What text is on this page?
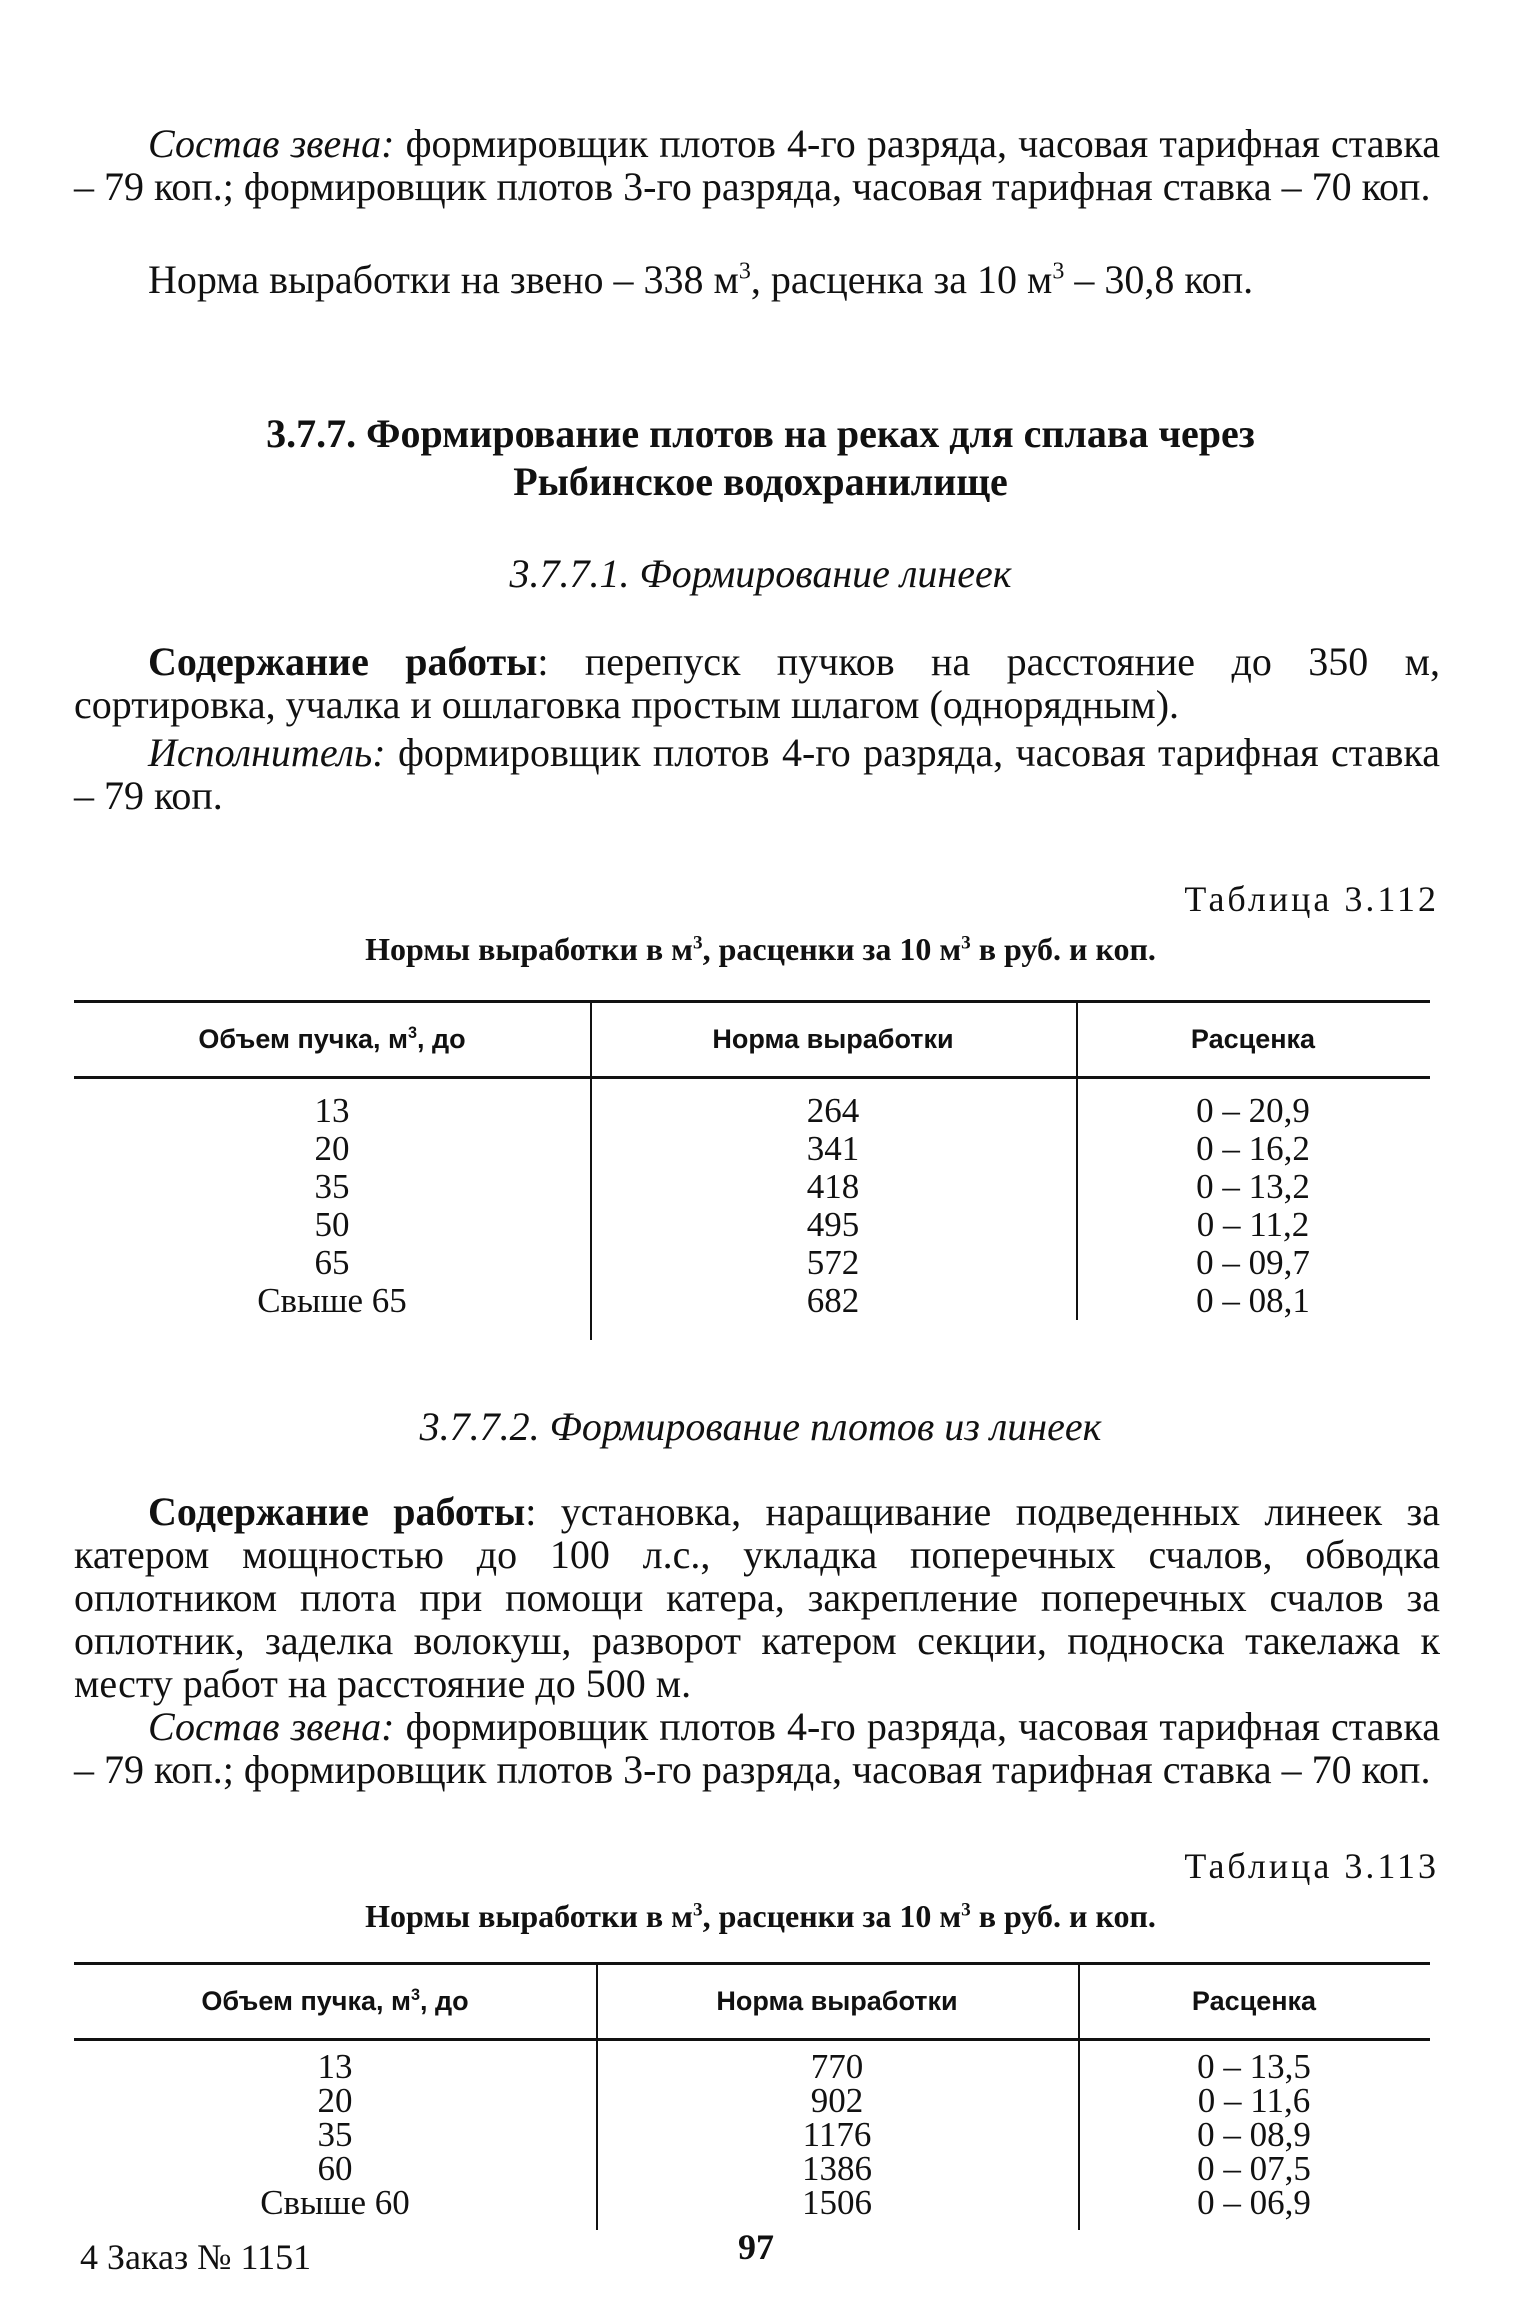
Состав звена: формировщик плотов 4-го разряда, часовая тарифная ставка – 79 коп.; формировщик плотов 3-го разряда, часовая тарифная ставка – 70 коп.

Норма выработки на звено – 338 $м^3$, расценка за 10 $м^3 - 30,8$ коп.

3.7.7. Формирование плотов на реках для сплава через

Рыбинское водохранилище

3.7.7.1. Формирование линеек

Содержание работы: перепуск пучков на расстояние до 350 м, сортировка, учалка и ошлаговка простым шлагом (однорядным).

Исполнитель: формировщик плотов 4-го разряда, часовая тарифная ставка – 79 коп.

Таблица 3.112

Нормы выработки в $м^3$, расценки за 10 $м^3$ в руб. и коп.

Объем пучка, $м^3$, до	Норма выработки	Расценка
13	264	0 – 20,9
20	341	0 – 16,2
35	418	0 – 13,2
50	495	0 – 11,2
65	572	0 – 09,7
Свыше 65	682	0 – 08,1

3.7.7.2. Формирование плотов из линеек

Содержание работы: установка, наращивание подведенных линеек за катером мощностью до 100 л.с., укладка поперечных счалов, обводка оплотником плота при помощи катера, закрепление поперечных счалов за оплотник, заделка волокуш, разворот катером секции, подноска такелажа к месту работ на расстояние до 500 м.

Состав звена: формировщик плотов 4-го разряда, часовая тарифная ставка – 79 коп.; формировщик плотов 3-го разряда, часовая тарифная ставка – 70 коп.

Таблица 3.113

Нормы выработки в $м^3$, расценки за 10 $м^3$ в руб. и коп.

Объем пучка, $м^3$, до	Норма выработки	Расценка
13	770	0 – 13,5
20	902	0 – 11,6
35	1176	0 – 08,9
60	1386	0 – 07,5
Свыше 60	1506	0 – 06,9

4 Заказ № 1151	97
